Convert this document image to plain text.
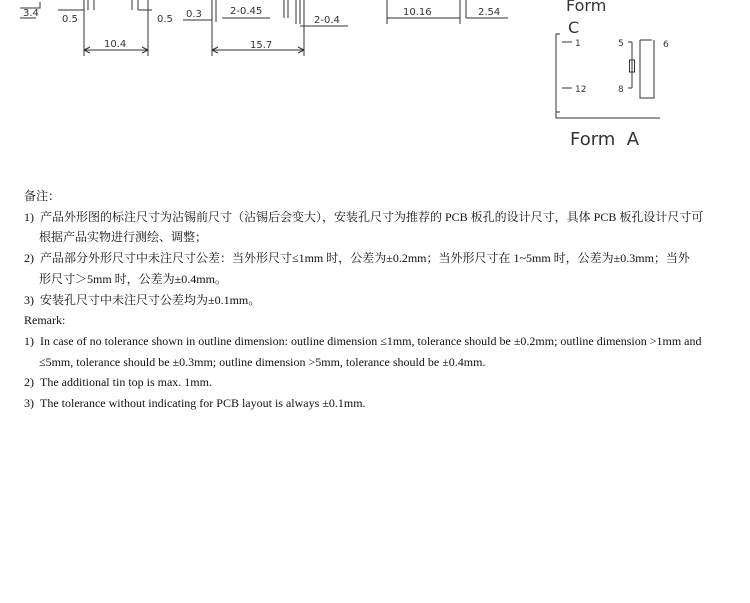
3.4
0.5	0.5
10.4
0.3	2-0.45
2-0.4
15.7
10.16	2.54	Form
C
1	5	6
12	8
Form  A
备注：
1) 产品外形图的标注尺寸为沾锡前尺寸（沾锡后会变大），安装孔尺寸为推荐的 PCB 板孔的设计尺寸，具体 PCB 板孔设计尺寸可
根据产品实物进行测绘、调整；
2) 产品部分外形尺寸中未注尺寸公差：当外形尺寸≤1mm 时，公差为±0.2mm；当外形尺寸在 1~5mm 时，公差为±0.3mm；当外
形尺寸＞5mm 时，公差为±0.4mm。
3) 安装孔尺寸中未注尺寸公差均为±0.1mm。
Remark:
1) In case of no tolerance shown in outline dimension: outline dimension ≤1mm, tolerance should be ±0.2mm; outline dimension >1mm and
≤5mm, tolerance should be ±0.3mm; outline dimension >5mm, tolerance should be ±0.4mm.
2) The additional tin top is max. 1mm.
3) The tolerance without indicating for PCB layout is always ±0.1mm.
